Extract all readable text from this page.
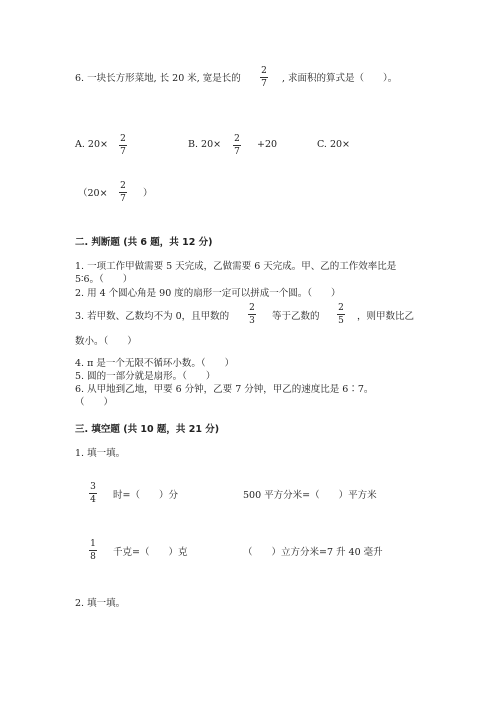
6. 一块长方形菜地, 长 20 米, 宽是长的
2
7 , 求面积的算式是（　　）。
A. 20× 2
7
B. 20× 2
7
+20	C. 20×
（20×
2
7 ）
二. 判断题 (共 6 题，共 12 分)
1. 一项工作甲做需要 5 天完成，乙做需要 6 天完成。甲、乙的工作效率比是
5∶6。（　　）
2. 用 4 个圆心角是 90 度的扇形一定可以拼成一个圆。（　　）
3. 若甲数、乙数均不为 0，且甲数的
2
3 等于乙数的
2
5 ，则甲数比乙
数小。（　　）
4. π 是一个无限不循环小数。（　　）
5. 圆的一部分就是扇形。（　　）
6. 从甲地到乙地，甲要 6 分钟，乙要 7 分钟，甲乙的速度比是 6∶7。
（　　）
三. 填空题 (共 10 题，共 21 分)
1. 填一填。
3
4 时=（　　）分	500 平方分米=（　　）平方米
1
8 千克=（　　）克	（　　）立方分米=7 升 40 毫升
2. 填一填。
